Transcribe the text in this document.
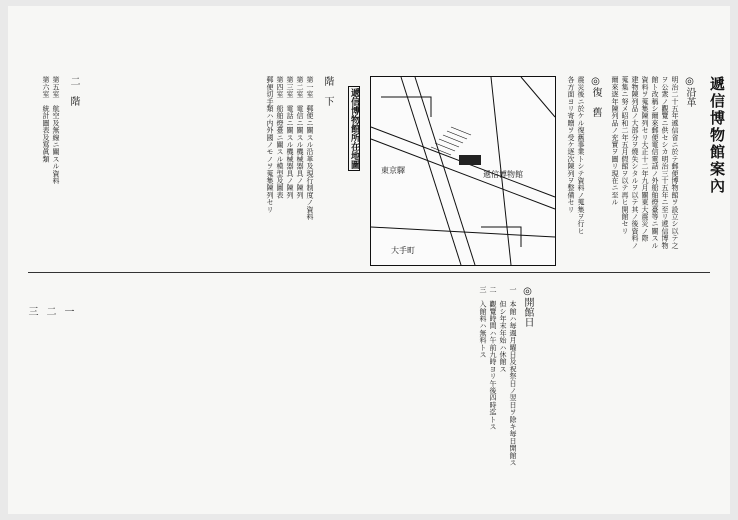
遞信博物館案內
◎沿革
明治二十五年遞信省ニ於テ郵便博物館ヲ設立シ以テ之
ヲ公衆ノ觀覽ニ供セシカ明治三十五年ニ至リ遞信博物
館ト改稱シ爾來郵便電信電話ノ外船舶燈臺等ニ關スル
資料ヲ蒐集陳列セリ大正十二年九月關東大震災ノ際
建物陳列品ノ大部分ヲ燒失シタルヲ以テ其ノ後資料ノ
蒐集ニ努メ昭和二年五月假館ヲ以テ再ヒ開館セリ
爾來逐年陳列品ノ充實ヲ圖リ現在ニ至ル
◎復　舊
震災後ニ於ケル復舊事業トシテ資料ノ蒐集ヲ行ヒ
各方面ヨリ寄贈ヲ受ケ逐次陳列ヲ整備セリ
◎開館日
一　本館ハ毎週月曜日及祝祭日ノ翌日ヲ除キ毎日開館ス
　　但シ年末年始ハ休館ス
二　觀覽時間ハ午前九時ヨリ午後四時迄トス
三　入館料ハ無料トス
東京驛	遞信博物館
大手町
遞信博物館所在地圖
階　下
第一室　郵便ニ關スル沿革及現行制度ノ資料
第二室　電信ニ關スル機械器具ノ陳列
第三室　電話ニ關スル機械器具ノ陳列
第四室　船舶燈臺ニ關スル模型及圖表
郵便切手類ハ内外國ノモノヲ蒐集陳列セリ
二　階
第五室　航空及無線ニ關スル資料
第六室　統計圖表及寫眞類
一
二
三
